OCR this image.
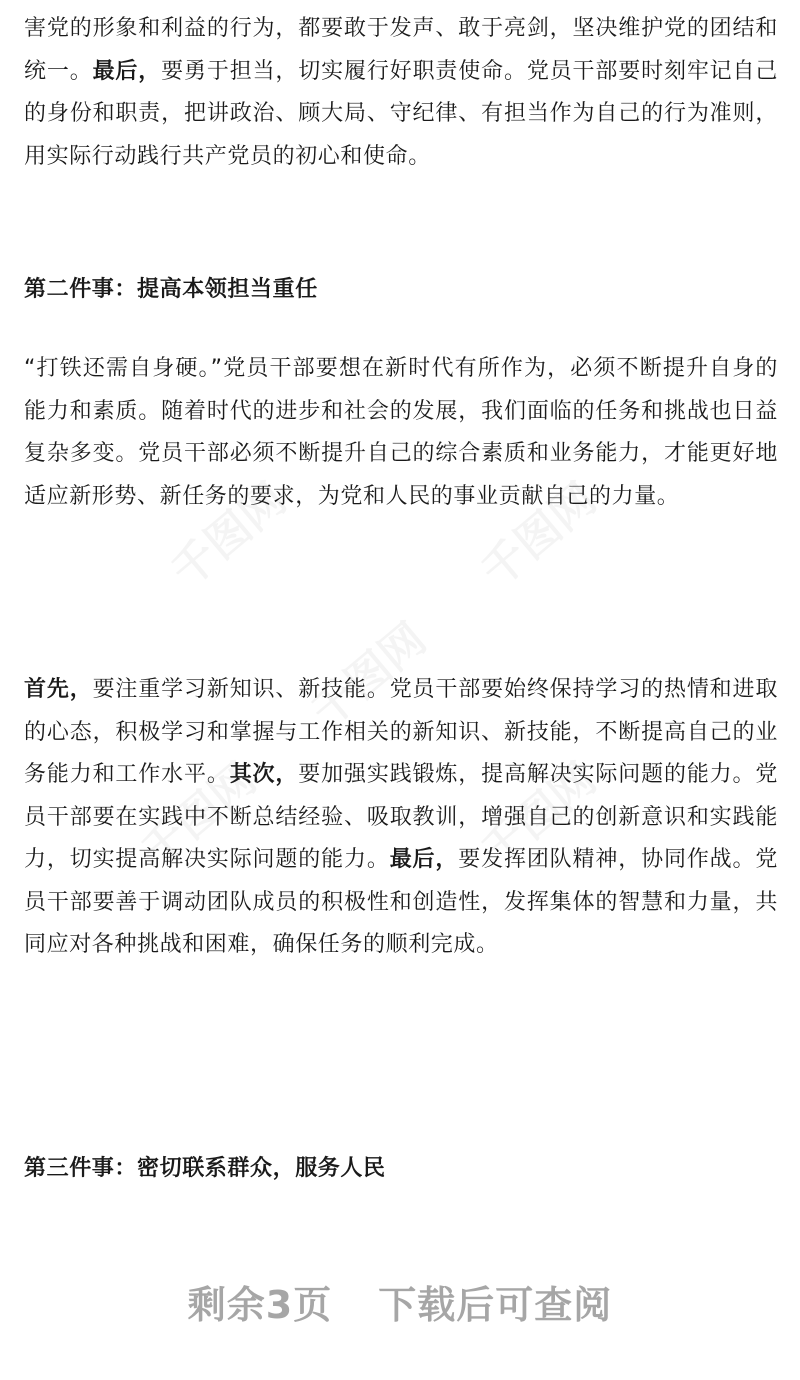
害党的形象和利益的行为，都要敢于发声、敢于亮剑，坚决维护党的团结和统一。最后，要勇于担当，切实履行好职责使命。党员干部要时刻牢记自己的身份和职责，把讲政治、顾大局、守纪律、有担当作为自己的行为准则，用实际行动践行共产党员的初心和使命。

第二件事：提高本领担当重任

“打铁还需自身硬。”党员干部要想在新时代有所作为，必须不断提升自身的能力和素质。随着时代的进步和社会的发展，我们面临的任务和挑战也日益复杂多变。党员干部必须不断提升自己的综合素质和业务能力，才能更好地适应新形势、新任务的要求，为党和人民的事业贡献自己的力量。

首先，要注重学习新知识、新技能。党员干部要始终保持学习的热情和进取的心态，积极学习和掌握与工作相关的新知识、新技能，不断提高自己的业务能力和工作水平。其次，要加强实践锻炼，提高解决实际问题的能力。党员干部要在实践中不断总结经验、吸取教训，增强自己的创新意识和实践能力，切实提高解决实际问题的能力。最后，要发挥团队精神，协同作战。党员干部要善于调动团队成员的积极性和创造性，发挥集体的智慧和力量，共同应对各种挑战和困难，确保任务的顺利完成。

第三件事：密切联系群众，服务人民

剩余3页 下载后可查阅
